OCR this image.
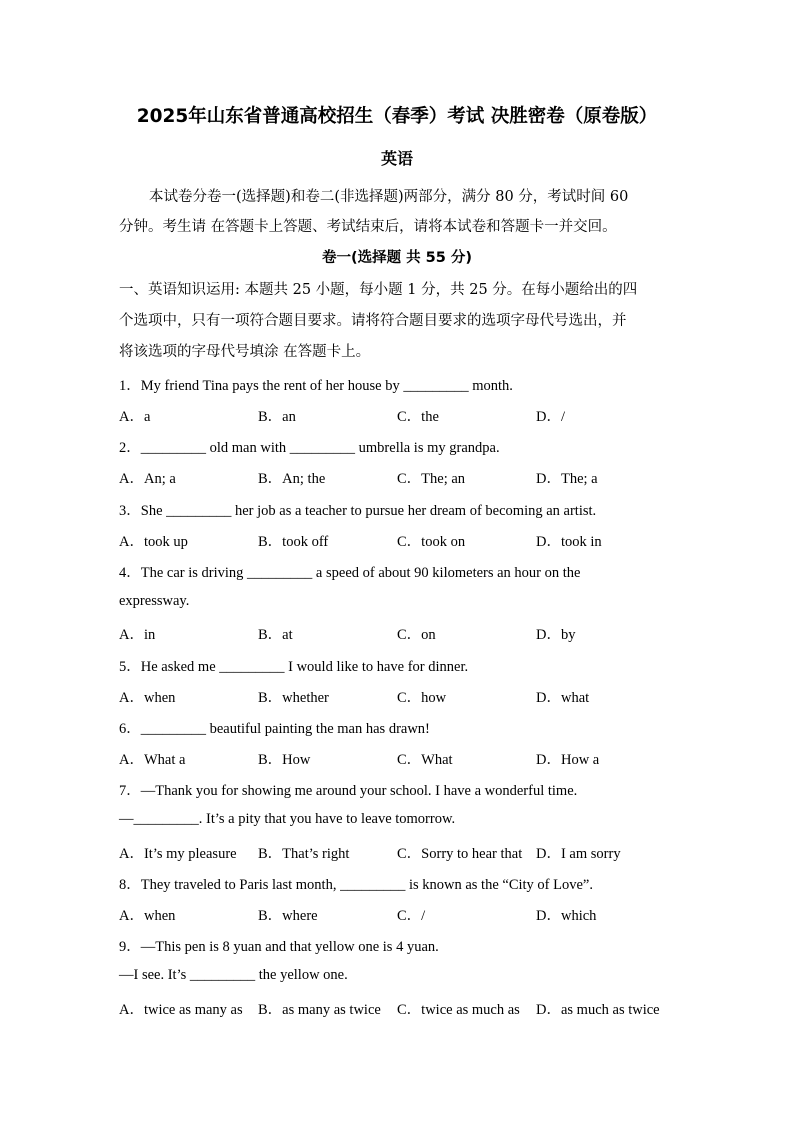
2025年山东省普通高校招生（春季）考试 决胜密卷（原卷版）
英语
本试卷分卷一(选择题)和卷二(非选择题)两部分，满分 80 分，考试时间 60
分钟。考生请 在答题卡上答题、考试结束后，请将本试卷和答题卡一并交回。
卷一(选择题 共 55 分)
一、英语知识运用: 本题共 25 小题，每小题 1 分，共 25 分。在每小题给出的四
个选项中，只有一项符合题目要求。请将符合题目要求的选项字母代号选出，并
将该选项的字母代号填涂 在答题卡上。
1．My friend Tina pays the rent of her house by _________ month.
A．a	B．an	C．the	D．/
2．_________ old man with _________ umbrella is my grandpa.
A．An; a	B．An; the	C．The; an	D．The; a
3．She _________ her job as a teacher to pursue her dream of becoming an artist.
A．took up	B．took off	C．took on	D．took in
4．The car is driving _________ a speed of about 90 kilometers an hour on the
expressway.
A．in	B．at	C．on	D．by
5．He asked me _________ I would like to have for dinner.
A．when	B．whether	C．how	D．what
6．_________ beautiful painting the man has drawn!
A．What a	B．How	C．What	D．How a
7．—Thank you for showing me around your school. I have a wonderful time.
—_________. It’s a pity that you have to leave tomorrow.
A．It’s my pleasure B．That’s right	C．Sorry to hear that D．I am sorry
8．They traveled to Paris last month, _________ is known as the “City of Love”.
A．when	B．where	C．/	D．which
9．—This pen is 8 yuan and that yellow one is 4 yuan.
—I see. It’s _________ the yellow one.
A．twice as many as B．as many as twice C．twice as much as D．as much as twice
